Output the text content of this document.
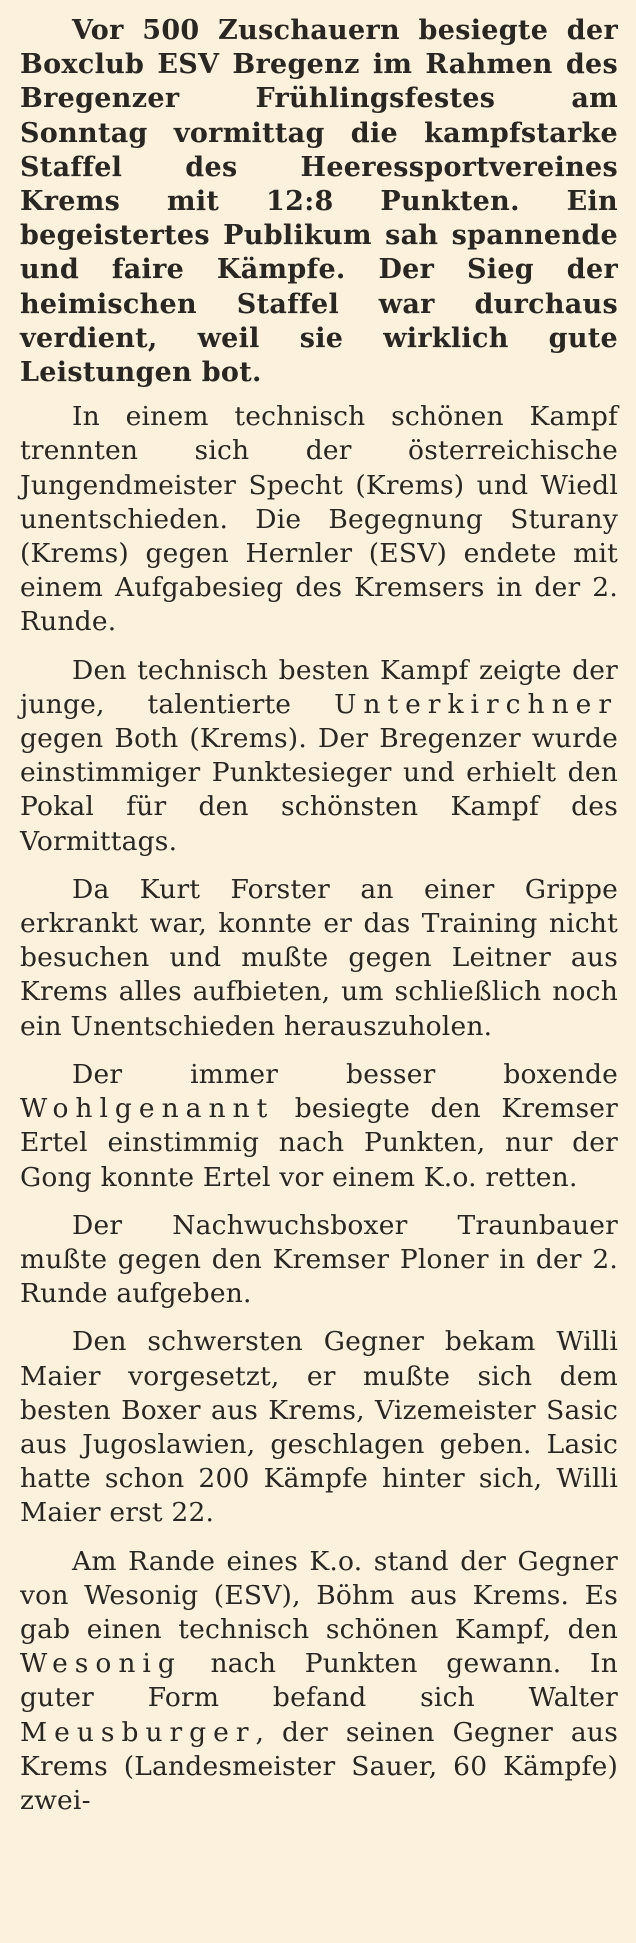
Vor 500 Zuschauern besiegte der Boxclub ESV Bregenz im Rahmen des Bregenzer Frühlingsfestes am Sonntag vormittag die kampfstarke Staffel des Heeressportvereines Krems mit 12:8 Punkten. Ein begeistertes Publikum sah spannende und faire Kämpfe. Der Sieg der heimischen Staffel war durchaus verdient, weil sie wirklich gute Leistungen bot.

In einem technisch schönen Kampf trennten sich der österreichische Jungendmeister Specht (Krems) und Wiedl unentschieden. Die Begegnung Sturany (Krems) gegen Hernler (ESV) endete mit einem Aufgabesieg des Kremsers in der 2. Runde.

Den technisch besten Kampf zeigte der junge, talentierte Unterkirchner gegen Both (Krems). Der Bregenzer wurde einstimmiger Punktesieger und erhielt den Pokal für den schönsten Kampf des Vormittags.

Da Kurt Forster an einer Grippe erkrankt war, konnte er das Training nicht besuchen und mußte gegen Leitner aus Krems alles aufbieten, um schließlich noch ein Unentschieden herauszuholen.

Der immer besser boxende Wohlgenannt besiegte den Kremser Ertel einstimmig nach Punkten, nur der Gong konnte Ertel vor einem K.o. retten.

Der Nachwuchsboxer Traunbauer mußte gegen den Kremser Ploner in der 2. Runde aufgeben.

Den schwersten Gegner bekam Willi Maier vorgesetzt, er mußte sich dem besten Boxer aus Krems, Vizemeister Sasic aus Jugoslawien, geschlagen geben. Lasic hatte schon 200 Kämpfe hinter sich, Willi Maier erst 22.

Am Rande eines K.o. stand der Gegner von Wesonig (ESV), Böhm aus Krems. Es gab einen technisch schönen Kampf, den Wesonig nach Punkten gewann. In guter Form befand sich Walter Meusburger, der seinen Gegner aus Krems (Landesmeister Sauer, 60 Kämpfe) zwei-
